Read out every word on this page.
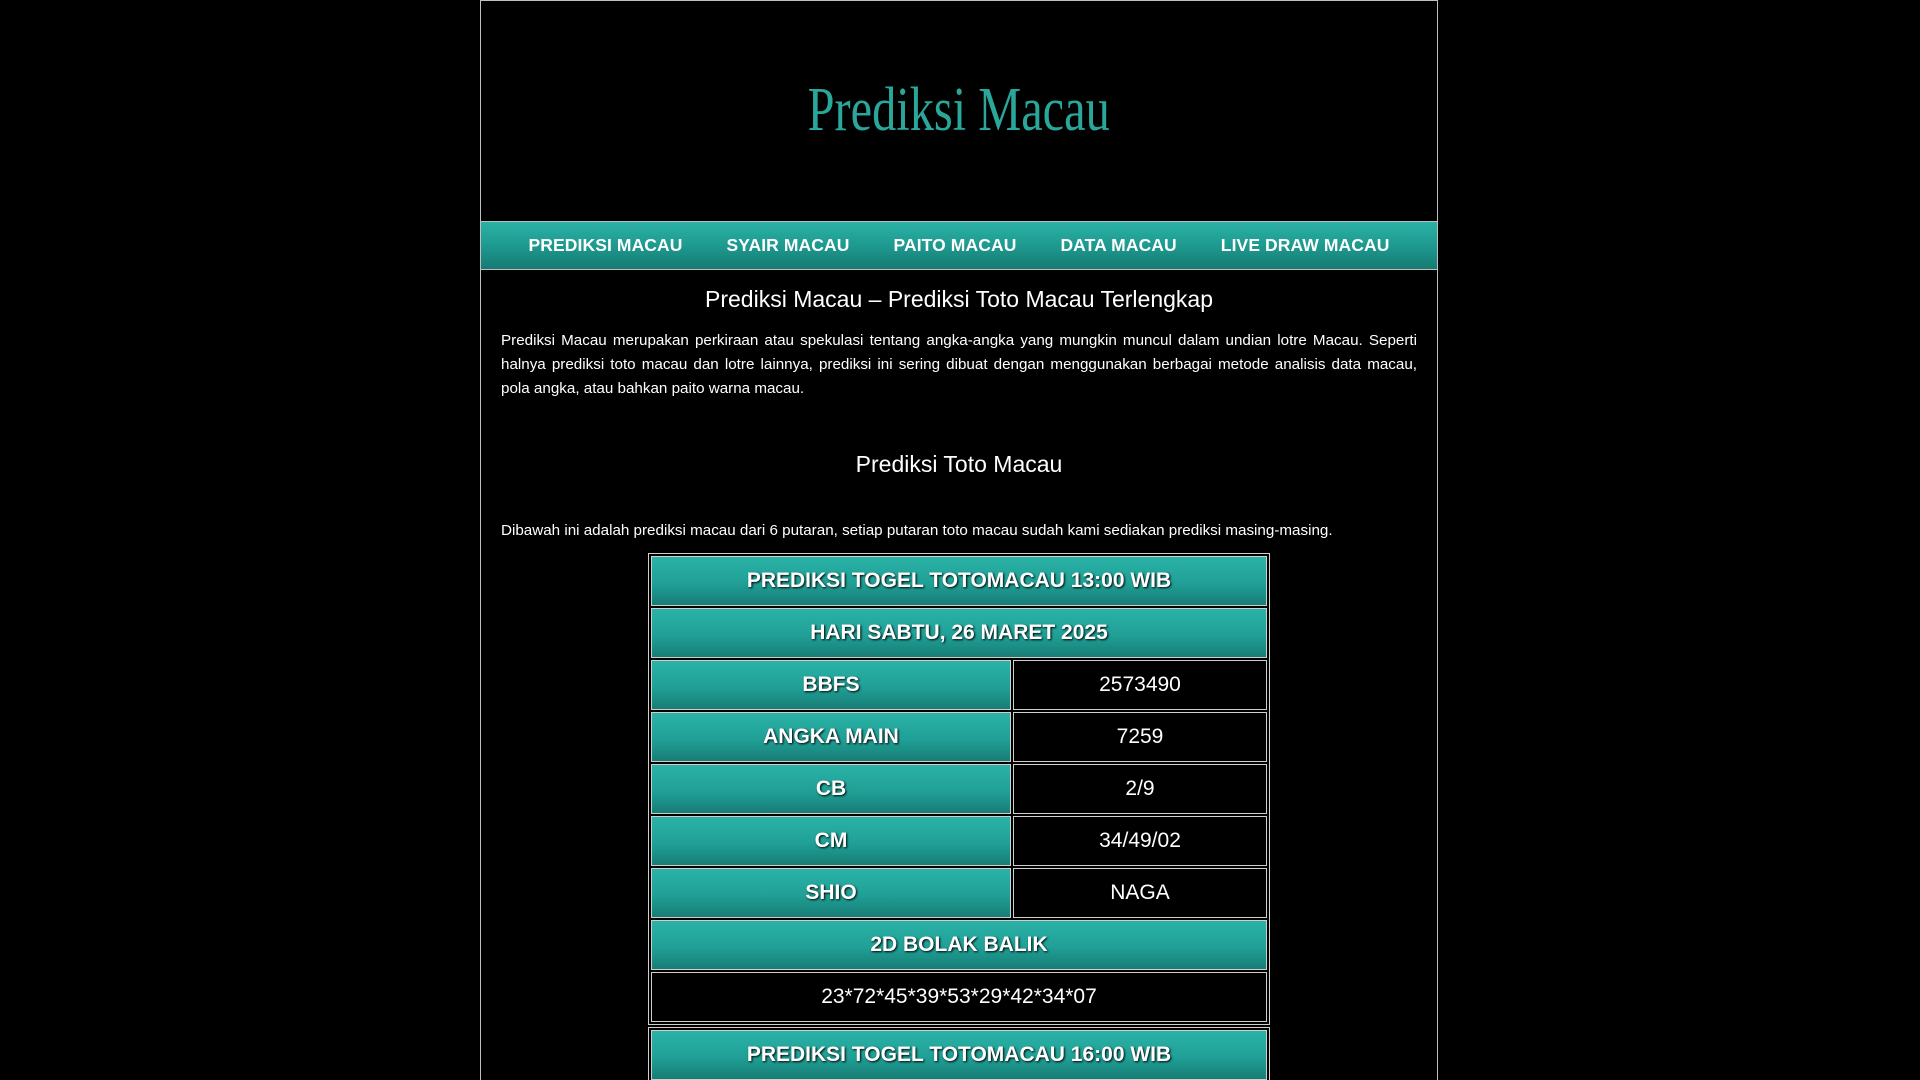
Prediksi Macau
PREDIKSI MACAU	SYAIR MACAU	PAITO MACAU	DATA MACAU	LIVE DRAW MACAU
Prediksi Macau – Prediksi Toto Macau Terlengkap

Prediksi Macau merupakan perkiraan atau spekulasi tentang angka-angka yang mungkin muncul dalam undian lotre Macau. Seperti halnya prediksi toto macau dan lotre lainnya, prediksi ini sering dibuat dengan menggunakan berbagai metode analisis data macau, pola angka, atau bahkan paito warna macau.

Prediksi Toto Macau

Dibawah ini adalah prediksi macau dari 6 putaran, setiap putaran toto macau sudah kami sediakan prediksi masing-masing.

PREDIKSI TOGEL TOTOMACAU 13:00 WIB	
HARI SABTU, 26 MARET 2025	
BBFS	2573490
ANGKA MAIN	7259
CB	2/9
CM	34/49/02
SHIO	NAGA
2D BOLAK BALIK	
23*72*45*39*53*29*42*34*07	
PREDIKSI TOGEL TOTOMACAU 16:00 WIB
